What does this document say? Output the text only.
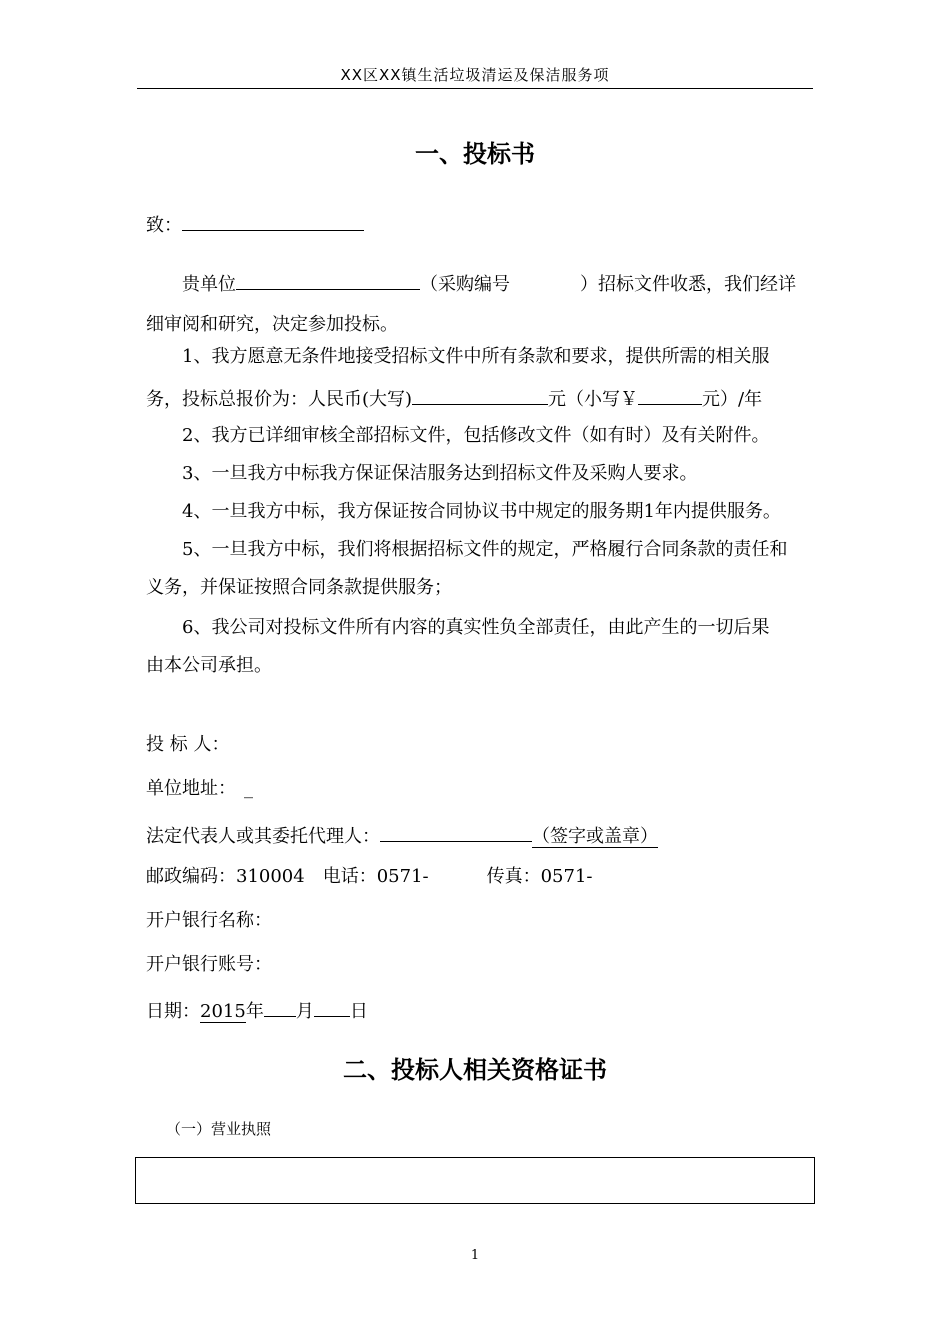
XX区XX镇生活垃圾清运及保洁服务项
一、投标书
致：
贵单位	（采购编号	）招标文件收悉，我们经详
细审阅和研究，决定参加投标。
1、我方愿意无条件地接受招标文件中所有条款和要求，提供所需的相关服
务，投标总报价为：人民币(大写)	元（小写￥	元）/年
2、我方已详细审核全部招标文件，包括修改文件（如有时）及有关附件。
3、一旦我方中标我方保证保洁服务达到招标文件及采购人要求。
4、一旦我方中标，我方保证按合同协议书中规定的服务期1年内提供服务。
5、一旦我方中标，我们将根据招标文件的规定，严格履行合同条款的责任和
义务，并保证按照合同条款提供服务；
6、我公司对投标文件所有内容的真实性负全部责任，由此产生的一切后果
由本公司承担。
投 标 人：
单位地址： _
法定代表人或其委托代理人：	（签字或盖章）
邮政编码：310004 电话：0571-	传真：0571-
开户银行名称：
开户银行账号：
日期：2015年 月 日
二、投标人相关资格证书
（一）营业执照
1
